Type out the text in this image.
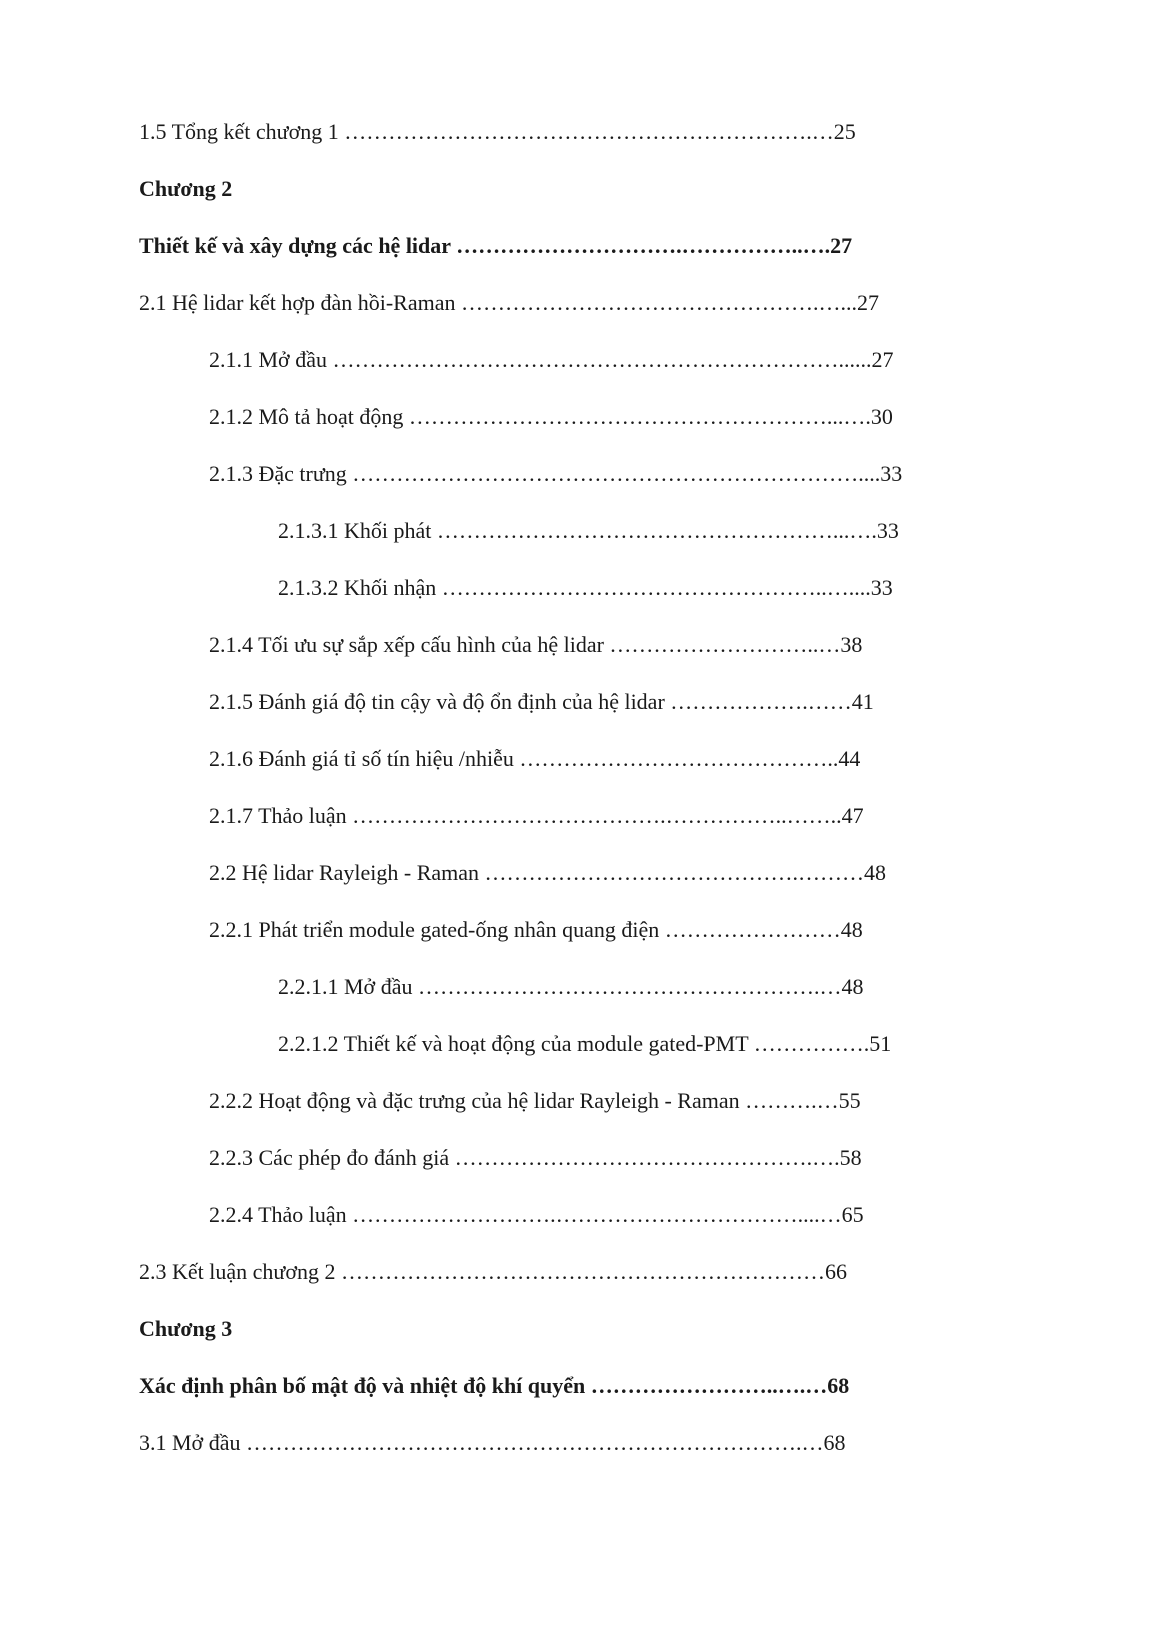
1.5 Tổng kết chương 1 ……………………………………………………….…25
Chương 2
Thiết kế và xây dựng các hệ lidar ………………………….……………..….27
2.1 Hệ lidar kết hợp đàn hồi-Raman ………………………………………….…...27
2.1.1 Mở đầu ……………………………………………………………......27
2.1.2 Mô tả hoạt động …………………………………………………...….30
2.1.3 Đặc trưng ……………………………………………………………....33
2.1.3.1 Khối phát ………………………………………………...….33
2.1.3.2 Khối nhận ……………………………………………..…....33
2.1.4 Tối ưu sự sắp xếp cấu hình của hệ lidar ………………………..…38
2.1.5 Đánh giá độ tin cậy và độ ổn định của hệ lidar ……………….……41
2.1.6 Đánh giá tỉ số tín hiệu /nhiễu ……………………………………..44
2.1.7 Thảo luận …………………………………….……………..……..47
2.2 Hệ lidar Rayleigh - Raman …………………………………….………48
2.2.1 Phát triển module gated-ống nhân quang điện ……………………48
2.2.1.1 Mở đầu ……………………………………………….…48
2.2.1.2 Thiết kế và hoạt động của module gated-PMT …………….51
2.2.2 Hoạt động và đặc trưng của hệ lidar Rayleigh - Raman ……….…55
2.2.3 Các phép đo đánh giá ………………………………………….….58
2.2.4 Thảo luận ……………………….……………………………....…65
2.3 Kết luận chương 2 …………………………………………………………66
Chương 3
Xác định phân bố mật độ và nhiệt độ khí quyển ……………………..….…68
3.1 Mở đầu ………………………………………………………………….…68
